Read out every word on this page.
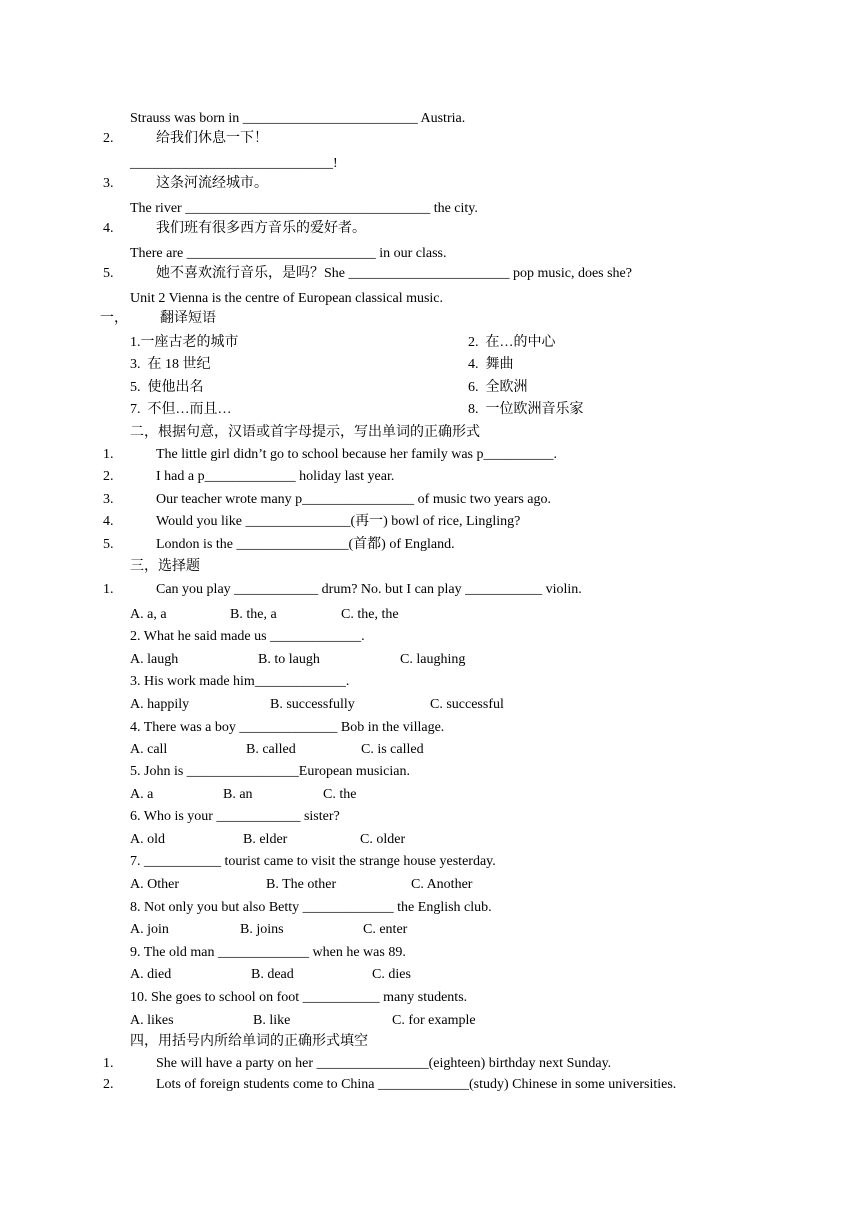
Strauss was born in _________________________ Austria.
2.	给我们休息一下！
_____________________________!
3.	这条河流经城市。
The river ___________________________________ the city.
4.	我们班有很多西方音乐的爱好者。
There are ___________________________ in our class.
5.	她不喜欢流行音乐，是吗？She _______________________ pop music, does she?
Unit 2 Vienna is the centre of European classical music.
一， 翻译短语
1.一座古老的城市	2.  在…的中心
3.  在 18 世纪	4.  舞曲
5.  使他出名	6.  全欧洲
7.  不但…而且…	8.  一位欧洲音乐家
二，根据句意，汉语或首字母提示，写出单词的正确形式
1.	The little girl didn’t go to school because her family was p__________.
2.	I had a p_____________ holiday last year.
3.	Our teacher wrote many p________________ of music two years ago.
4.	Would you like _______________(再一) bowl of rice, Lingling?
5.	London is the ________________(首都) of England.
三，选择题
1.	Can you play ____________ drum? No. but I can play ___________ violin.
A. a, a	B. the, a	C. the, the
2. What he said made us _____________.
A. laugh	B. to laugh	C. laughing
3. His work made him_____________.
A. happily	B. successfully	C. successful
4. There was a boy ______________ Bob in the village.
A. call	B. called	C. is called
5. John is ________________European musician.
A. a	B. an	C. the
6. Who is your ____________ sister?
A. old	B. elder	C. older
7. ___________ tourist came to visit the strange house yesterday.
A. Other	B. The other	C. Another
8. Not only you but also Betty _____________ the English club.
A. join	B. joins	C. enter
9. The old man _____________ when he was 89.
A. died	B. dead	C. dies
10. She goes to school on foot ___________ many students.
A. likes	B. like	C. for example
四，用括号内所给单词的正确形式填空
1.	She will have a party on her ________________(eighteen) birthday next Sunday.
2.	Lots of foreign students come to China _____________(study) Chinese in some universities.
